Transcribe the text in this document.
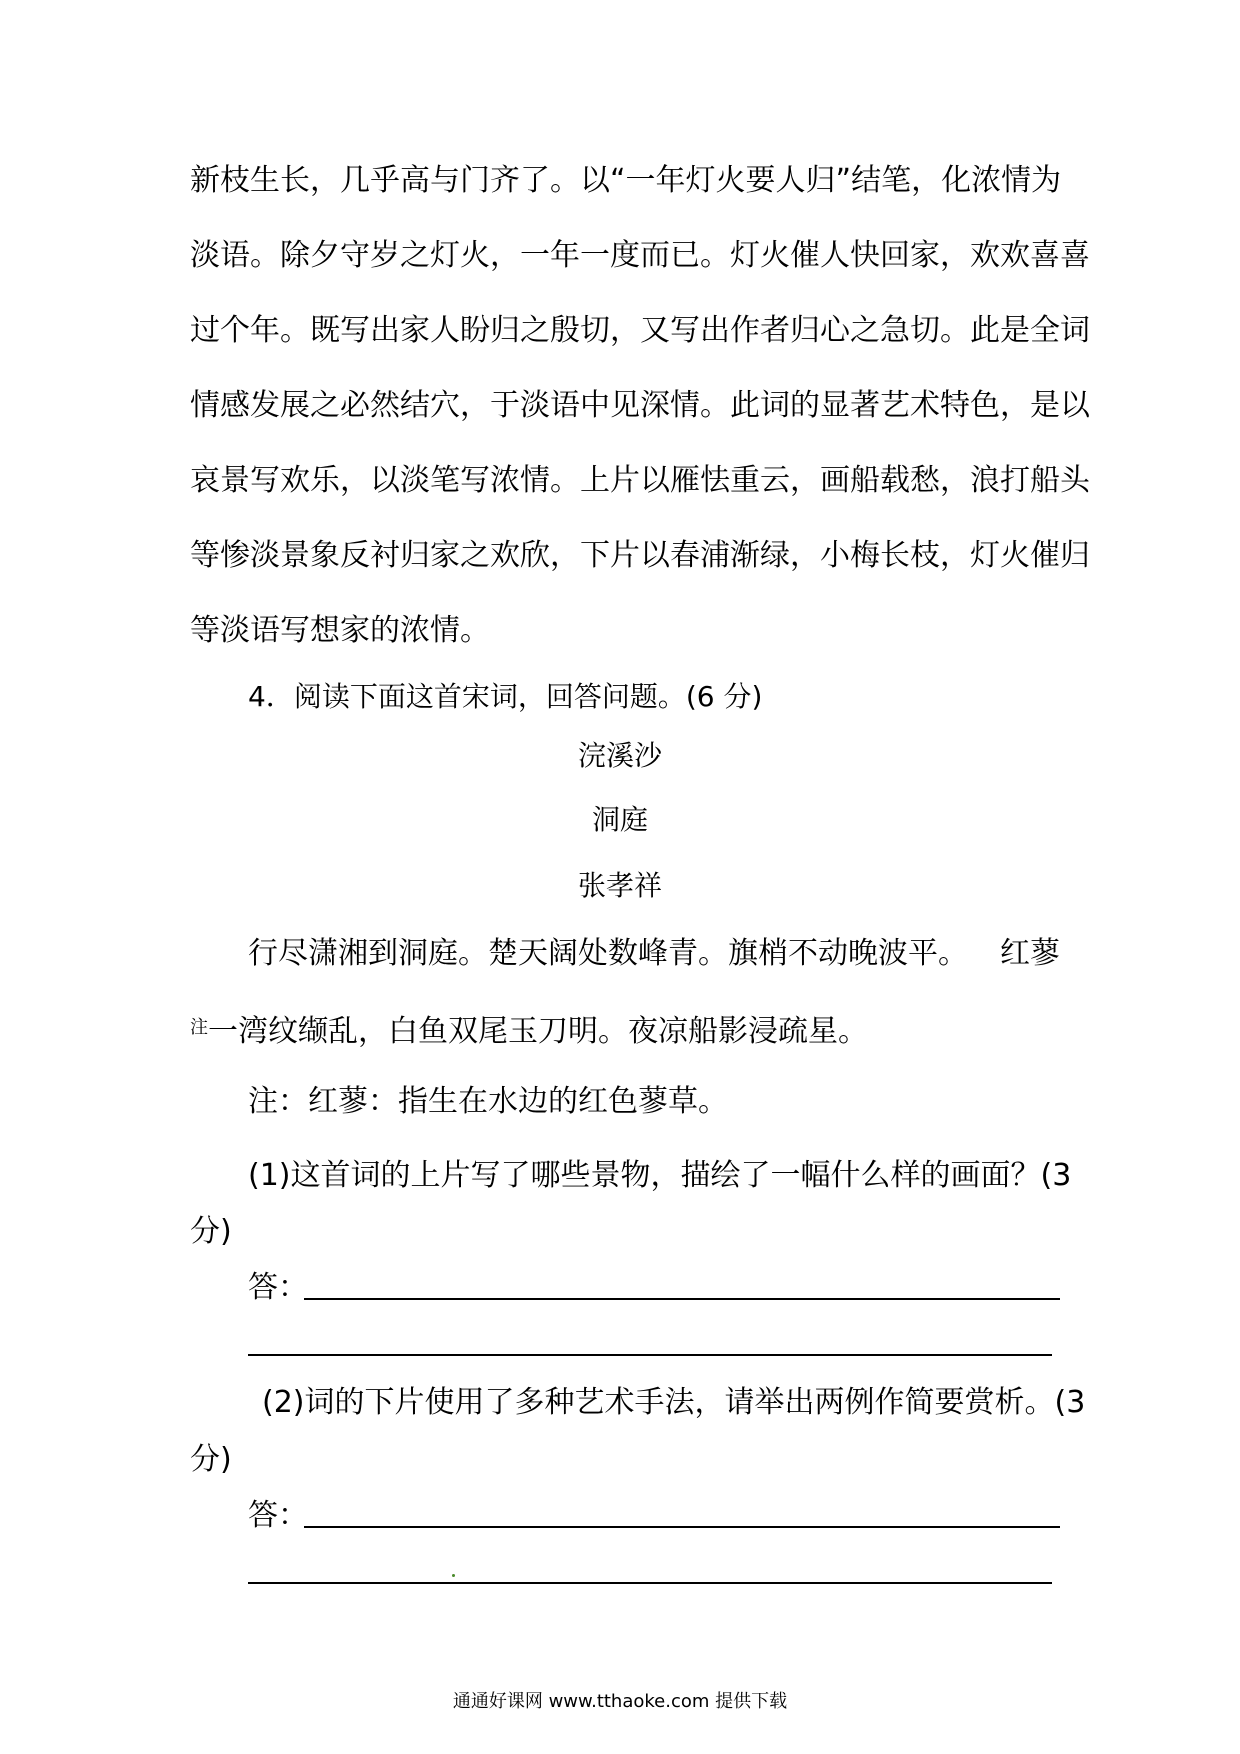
新枝生长，几乎高与门齐了。以“一年灯火要人归”结笔，化浓情为
淡语。除夕守岁之灯火，一年一度而已。灯火催人快回家，欢欢喜喜
过个年。既写出家人盼归之殷切，又写出作者归心之急切。此是全词
情感发展之必然结穴，于淡语中见深情。此词的显著艺术特色，是以
哀景写欢乐，以淡笔写浓情。上片以雁怯重云，画船载愁，浪打船头
等惨淡景象反衬归家之欢欣，下片以春浦渐绿，小梅长枝，灯火催归
等淡语写想家的浓情。
4．阅读下面这首宋词，回答问题。(6 分)
浣溪沙
洞庭
张孝祥
行尽潇湘到洞庭。楚天阔处数峰青。旗梢不动晚波平。 红蓼
$^注$一湾纹缬乱，白鱼双尾玉刀明。夜凉船影浸疏星。
注：红蓼：指生在水边的红色蓼草。
(1)这首词的上片写了哪些景物，描绘了一幅什么样的画面？(3
分)
答：
(2)词的下片使用了多种艺术手法，请举出两例作简要赏析。(3
分)
答：
通通好课网 www.tthaoke.com 提供下载
